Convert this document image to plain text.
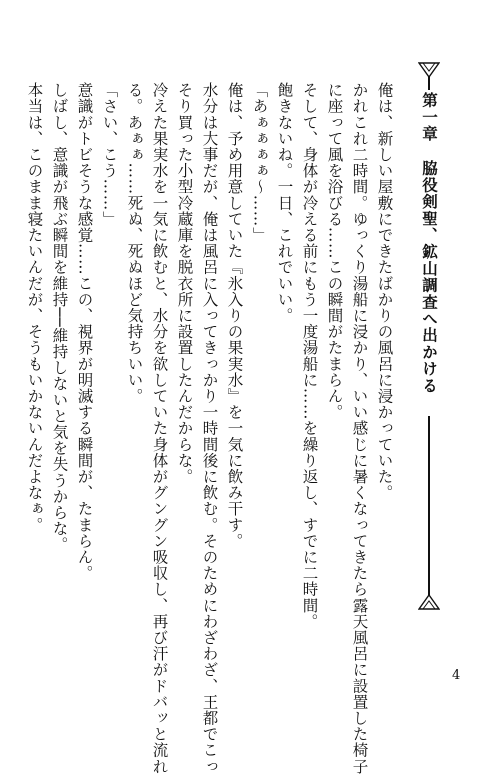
第一章脇役剣聖、鉱山調査へ出かける
俺は、新しい屋敷にできたばかりの風呂に浸かっていた。
かれこれ二時間。ゆっくり湯船に浸かり、いい感じに暑くなってきたら露天風呂に設置した椅子
に座って風を浴びる……この瞬間がたまらん。
そして、身体が冷える前にもう一度湯船に……を繰り返し、すでに二時間。
飽きないね。一日、これでいい。
「あぁぁぁぁ〜……」
俺は、予め用意していた『氷入りの果実水』を一気に飲み干す。
水分は大事だが、俺は風呂に入ってきっかり一時間後に飲む。そのためにわざわざ、王都でこっ
そり買った小型冷蔵庫を脱衣所に設置したんだからな。
冷えた果実水を一気に飲むと、水分を欲していた身体がグングン吸収し、再び汗がドバッと流れ
る。あぁぁ……死ぬ、死ぬほど気持ちいい。
「さい、こう……」
意識がトビそうな感覚……この、視界が明滅する瞬間が、たまらん。
しばし、意識が飛ぶ瞬間を維持──維持しないと気を失うからな。
本当は、このまま寝たいんだが、そうもいかないんだよなぁ。
4
